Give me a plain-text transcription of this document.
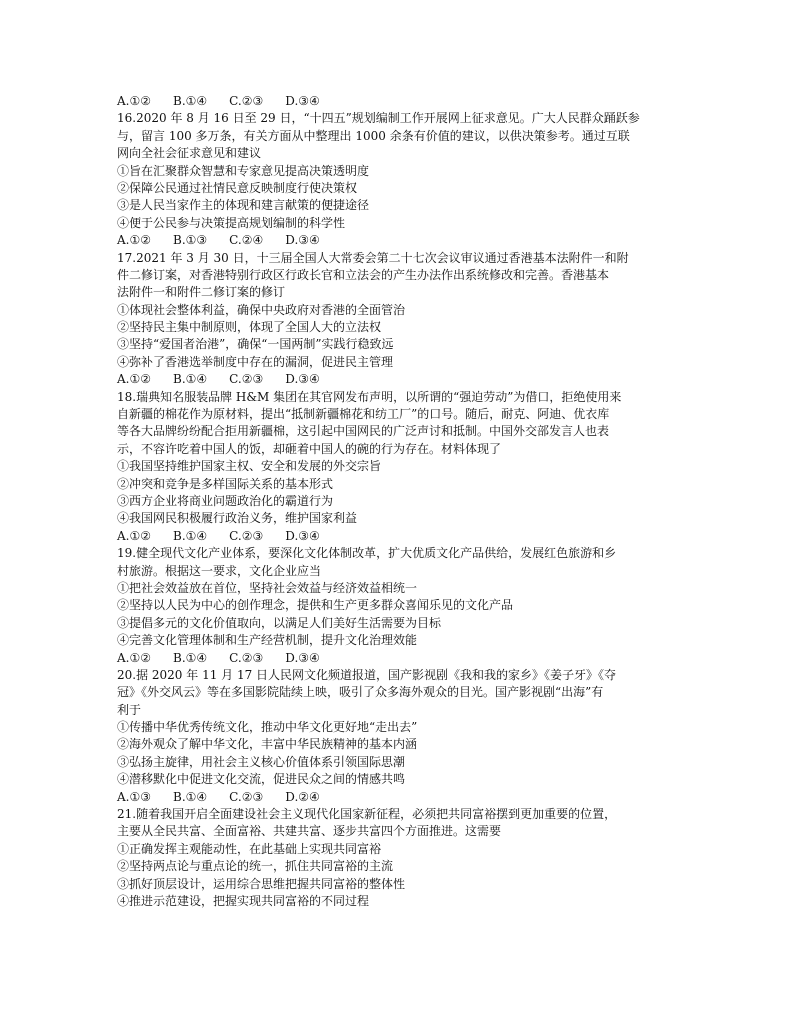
A.①② B.①④ C.②③ D.③④
16.2020 年 8 月 16 日至 29 日，“十四五”规划编制工作开展网上征求意见。广大人民群众踊跃参
与，留言 100 多万条，有关方面从中整理出 1000 余条有价值的建议，以供决策参考。通过互联
网向全社会征求意见和建议
①旨在汇聚群众智慧和专家意见提高决策透明度
②保障公民通过社情民意反映制度行使决策权
③是人民当家作主的体现和建言献策的便捷途径
④便于公民参与决策提高规划编制的科学性
A.①② B.①③ C.②④ D.③④
17.2021 年 3 月 30 日，十三届全国人大常委会第二十七次会议审议通过香港基本法附件一和附
件二修订案，对香港特别行政区行政长官和立法会的产生办法作出系统修改和完善。香港基本
法附件一和附件二修订案的修订
①体现社会整体利益，确保中央政府对香港的全面管治
②坚持民主集中制原则，体现了全国人大的立法权
③坚持“爱国者治港”，确保“一国两制”实践行稳致远
④弥补了香港选举制度中存在的漏洞，促进民主管理
A.①② B.①④ C.②③ D.③④
18.瑞典知名服装品牌 H&M 集团在其官网发布声明，以所谓的“强迫劳动”为借口，拒绝使用来
自新疆的棉花作为原材料，提出“抵制新疆棉花和纺工厂”的口号。随后，耐克、阿迪、优衣库
等各大品牌纷纷配合拒用新疆棉，这引起中国网民的广泛声讨和抵制。中国外交部发言人也表
示，不容许吃着中国人的饭，却砸着中国人的碗的行为存在。材料体现了
①我国坚持维护国家主权、安全和发展的外交宗旨
②冲突和竞争是多样国际关系的基本形式
③西方企业将商业问题政治化的霸道行为
④我国网民积极履行政治义务，维护国家利益
A.①② B.①④ C.②③ D.③④
19.健全现代文化产业体系，要深化文化体制改革，扩大优质文化产品供给，发展红色旅游和乡
村旅游。根据这一要求，文化企业应当
①把社会效益放在首位，坚持社会效益与经济效益相统一
②坚持以人民为中心的创作理念，提供和生产更多群众喜闻乐见的文化产品
③提倡多元的文化价值取向，以满足人们美好生活需要为目标
④完善文化管理体制和生产经营机制，提升文化治理效能
A.①② B.①④ C.②③ D.③④
20.据 2020 年 11 月 17 日人民网文化频道报道，国产影视剧《我和我的家乡》《姜子牙》《夺
冠》《外交风云》等在多国影院陆续上映，吸引了众多海外观众的目光。国产影视剧“出海”有
利于
①传播中华优秀传统文化，推动中华文化更好地“走出去”
②海外观众了解中华文化，丰富中华民族精神的基本内涵
③弘扬主旋律，用社会主义核心价值体系引领国际思潮
④潜移默化中促进文化交流，促进民众之间的情感共鸣
A.①③ B.①④ C.②③ D.②④
21.随着我国开启全面建设社会主义现代化国家新征程，必须把共同富裕摆到更加重要的位置，
主要从全民共富、全面富裕、共建共富、逐步共富四个方面推进。这需要
①正确发挥主观能动性，在此基础上实现共同富裕
②坚持两点论与重点论的统一，抓住共同富裕的主流
③抓好顶层设计，运用综合思维把握共同富裕的整体性
④推进示范建设，把握实现共同富裕的不同过程
